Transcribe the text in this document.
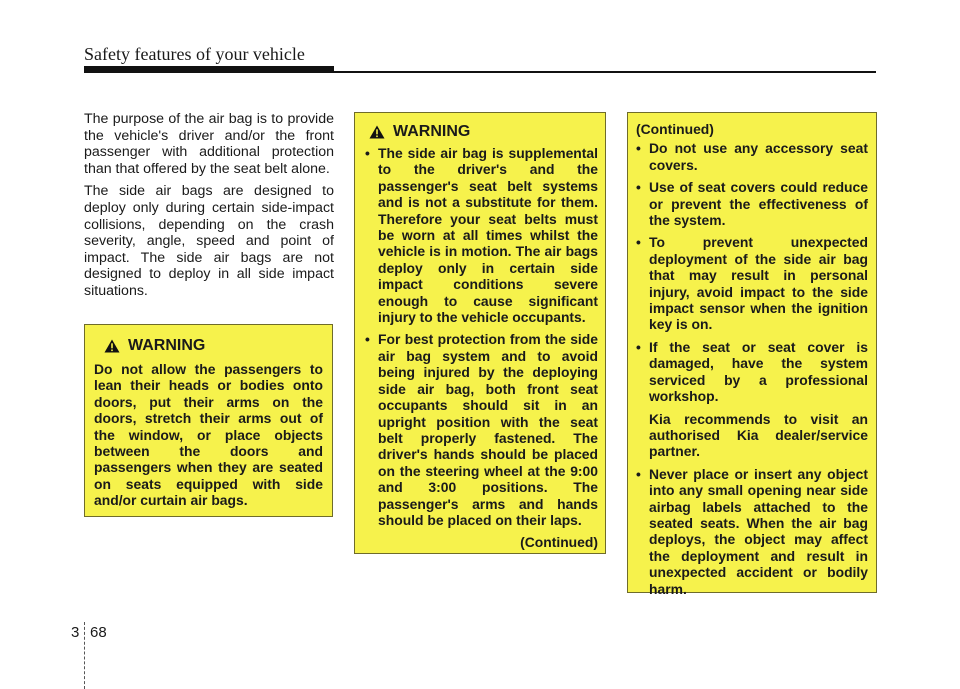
Safety features of your vehicle

The purpose of the air bag is to provide the vehicle's driver and/or the front passenger with additional protection than that offered by the seat belt alone.

The side air bags are designed to deploy only during certain side-impact collisions, depending on the crash severity, angle, speed and point of impact. The side air bags are not designed to deploy in all side impact situations.

WARNING
Do not allow the passengers to lean their heads or bodies onto doors, put their arms on the doors, stretch their arms out of the window, or place objects between the doors and passengers when they are seated on seats equipped with side and/or curtain air bags.
WARNING
• The side air bag is supplemental to the driver's and the passenger's seat belt systems and is not a substitute for them. Therefore your seat belts must be worn at all times whilst the vehicle is in motion. The air bags deploy only in certain side impact conditions severe enough to cause significant injury to the vehicle occupants.
• For best protection from the side air bag system and to avoid being injured by the deploying side air bag, both front seat occupants should sit in an upright position with the seat belt properly fastened. The driver's hands should be placed on the steering wheel at the 9:00 and 3:00 positions. The passenger's arms and hands should be placed on their laps.
(Continued)
(Continued)
• Do not use any accessory seat covers.
• Use of seat covers could reduce or prevent the effectiveness of the system.
• To prevent unexpected deployment of the side air bag that may result in personal injury, avoid impact to the side impact sensor when the ignition key is on.
• If the seat or seat cover is damaged, have the system serviced by a professional workshop.
Kia recommends to visit an authorised Kia dealer/service partner.
• Never place or insert any object into any small opening near side airbag labels attached to the seated seats. When the air bag deploys, the object may affect the deployment and result in unexpected accident or bodily harm.
3 68
